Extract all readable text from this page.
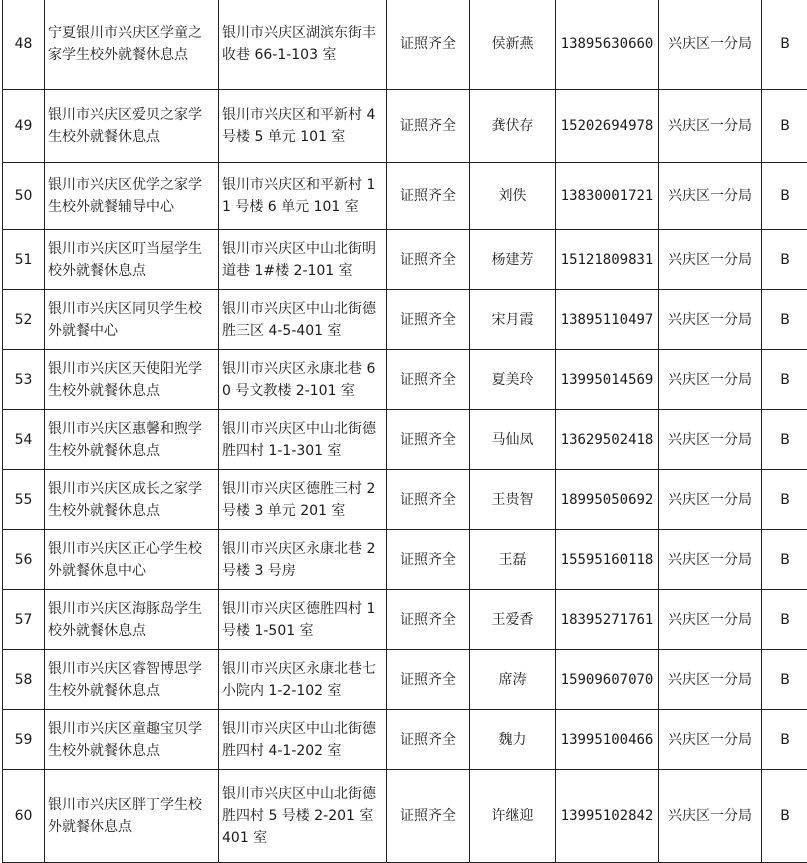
48	宁夏银川市兴庆区学童之家学生校外就餐休息点	银川市兴庆区湖滨东街丰收巷 66-1-103 室	证照齐全	侯新燕	13895630660	兴庆区一分局	B
49	银川市兴庆区爱贝之家学生校外就餐休息点	银川市兴庆区和平新村 4 号楼 5 单元 101 室	证照齐全	龚伏存	15202694978	兴庆区一分局	B
50	银川市兴庆区优学之家学生校外就餐辅导中心	银川市兴庆区和平新村 11 号楼 6 单元 101 室	证照齐全	刘佚	13830001721	兴庆区一分局	B
51	银川市兴庆区叮当屋学生校外就餐休息点	银川市兴庆区中山北街明道巷 1#楼 2-101 室	证照齐全	杨建芳	15121809831	兴庆区一分局	B
52	银川市兴庆区同贝学生校外就餐中心	银川市兴庆区中山北街德胜三区 4-5-401 室	证照齐全	宋月霞	13895110497	兴庆区一分局	B
53	银川市兴庆区天使阳光学生校外就餐休息点	银川市兴庆区永康北巷 60 号文教楼 2-101 室	证照齐全	夏美玲	13995014569	兴庆区一分局	B
54	银川市兴庆区惠馨和煦学生校外就餐休息点	银川市兴庆区中山北街德胜四村 1-1-301 室	证照齐全	马仙凤	13629502418	兴庆区一分局	B
55	银川市兴庆区成长之家学生校外就餐休息点	银川市兴庆区德胜三村 2 号楼 3 单元 201 室	证照齐全	王贵智	18995050692	兴庆区一分局	B
56	银川市兴庆区正心学生校外就餐休息中心	银川市兴庆区永康北巷 2 号楼 3 号房	证照齐全	王磊	15595160118	兴庆区一分局	B
57	银川市兴庆区海豚岛学生校外就餐休息点	银川市兴庆区德胜四村 1 号楼 1-501 室	证照齐全	王爱香	18395271761	兴庆区一分局	B
58	银川市兴庆区睿智博思学生校外就餐休息点	银川市兴庆区永康北巷七小院内 1-2-102 室	证照齐全	席涛	15909607070	兴庆区一分局	B
59	银川市兴庆区童趣宝贝学生校外就餐休息点	银川市兴庆区中山北街德胜四村 4-1-202 室	证照齐全	魏力	13995100466	兴庆区一分局	B
60	银川市兴庆区胖丁学生校外就餐休息点	银川市兴庆区中山北街德胜四村 5 号楼 2-201 室 401 室	证照齐全	许继迎	13995102842	兴庆区一分局	B
